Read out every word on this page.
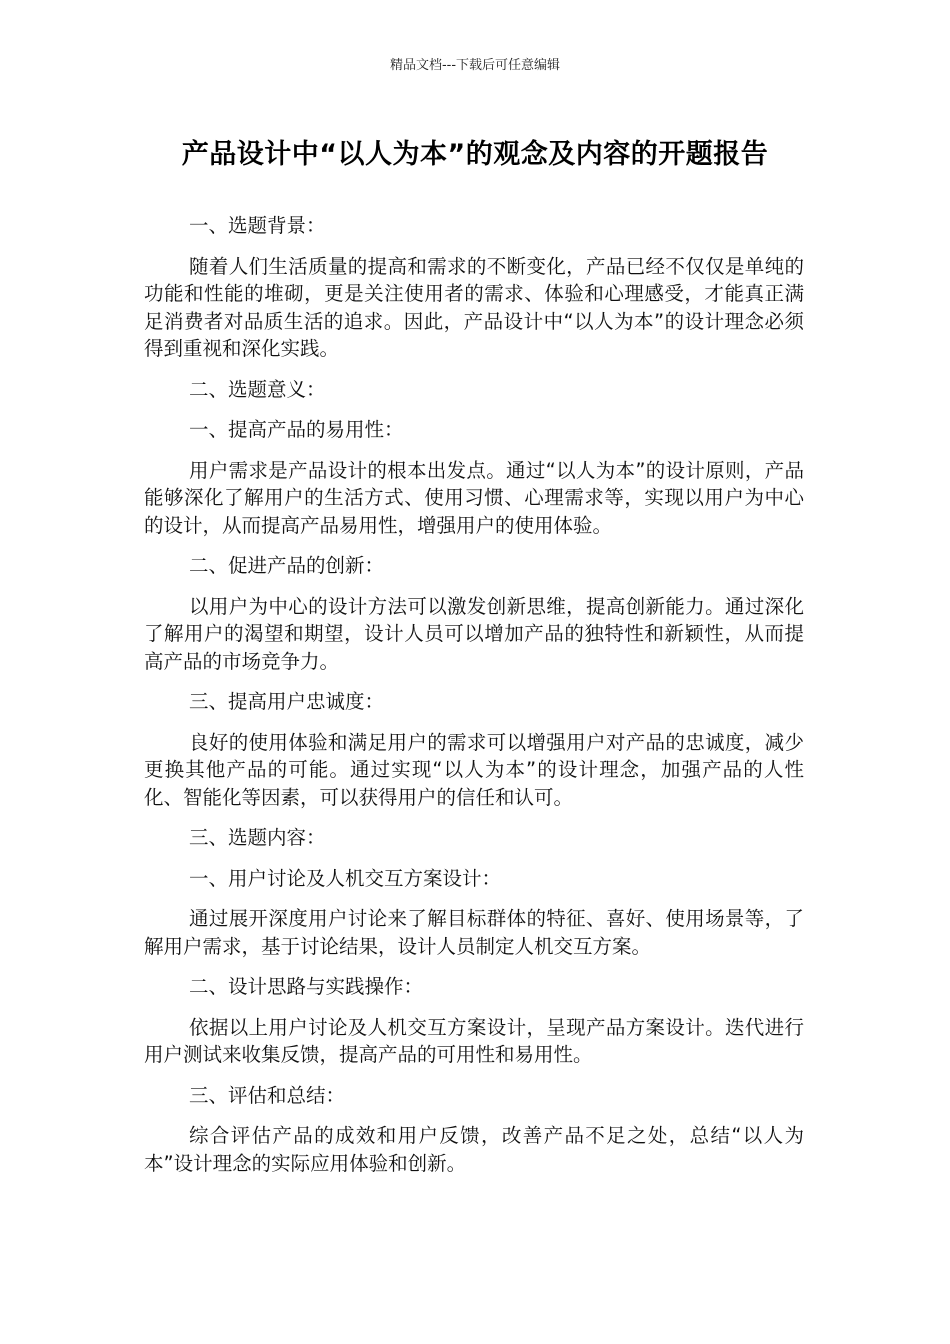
精品文档---下载后可任意编辑
产品设计中“以人为本”的观念及内容的开题报告

一、选题背景：

随着人们生活质量的提高和需求的不断变化，产品已经不仅仅是单纯的功能和性能的堆砌，更是关注使用者的需求、体验和心理感受，才能真正满足消费者对品质生活的追求。因此，产品设计中“以人为本”的设计理念必须得到重视和深化实践。

二、选题意义：

一、提高产品的易用性：

用户需求是产品设计的根本出发点。通过“以人为本”的设计原则，产品能够深化了解用户的生活方式、使用习惯、心理需求等，实现以用户为中心的设计，从而提高产品易用性，增强用户的使用体验。

二、促进产品的创新：

以用户为中心的设计方法可以激发创新思维，提高创新能力。通过深化了解用户的渴望和期望，设计人员可以增加产品的独特性和新颖性，从而提高产品的市场竞争力。

三、提高用户忠诚度：

良好的使用体验和满足用户的需求可以增强用户对产品的忠诚度，减少更换其他产品的可能。通过实现“以人为本”的设计理念，加强产品的人性化、智能化等因素，可以获得用户的信任和认可。

三、选题内容：

一、用户讨论及人机交互方案设计：

通过展开深度用户讨论来了解目标群体的特征、喜好、使用场景等，了解用户需求，基于讨论结果，设计人员制定人机交互方案。

二、设计思路与实践操作：

依据以上用户讨论及人机交互方案设计，呈现产品方案设计。迭代进行用户测试来收集反馈，提高产品的可用性和易用性。

三、评估和总结：

综合评估产品的成效和用户反馈，改善产品不足之处，总结“以人为本”设计理念的实际应用体验和创新。
